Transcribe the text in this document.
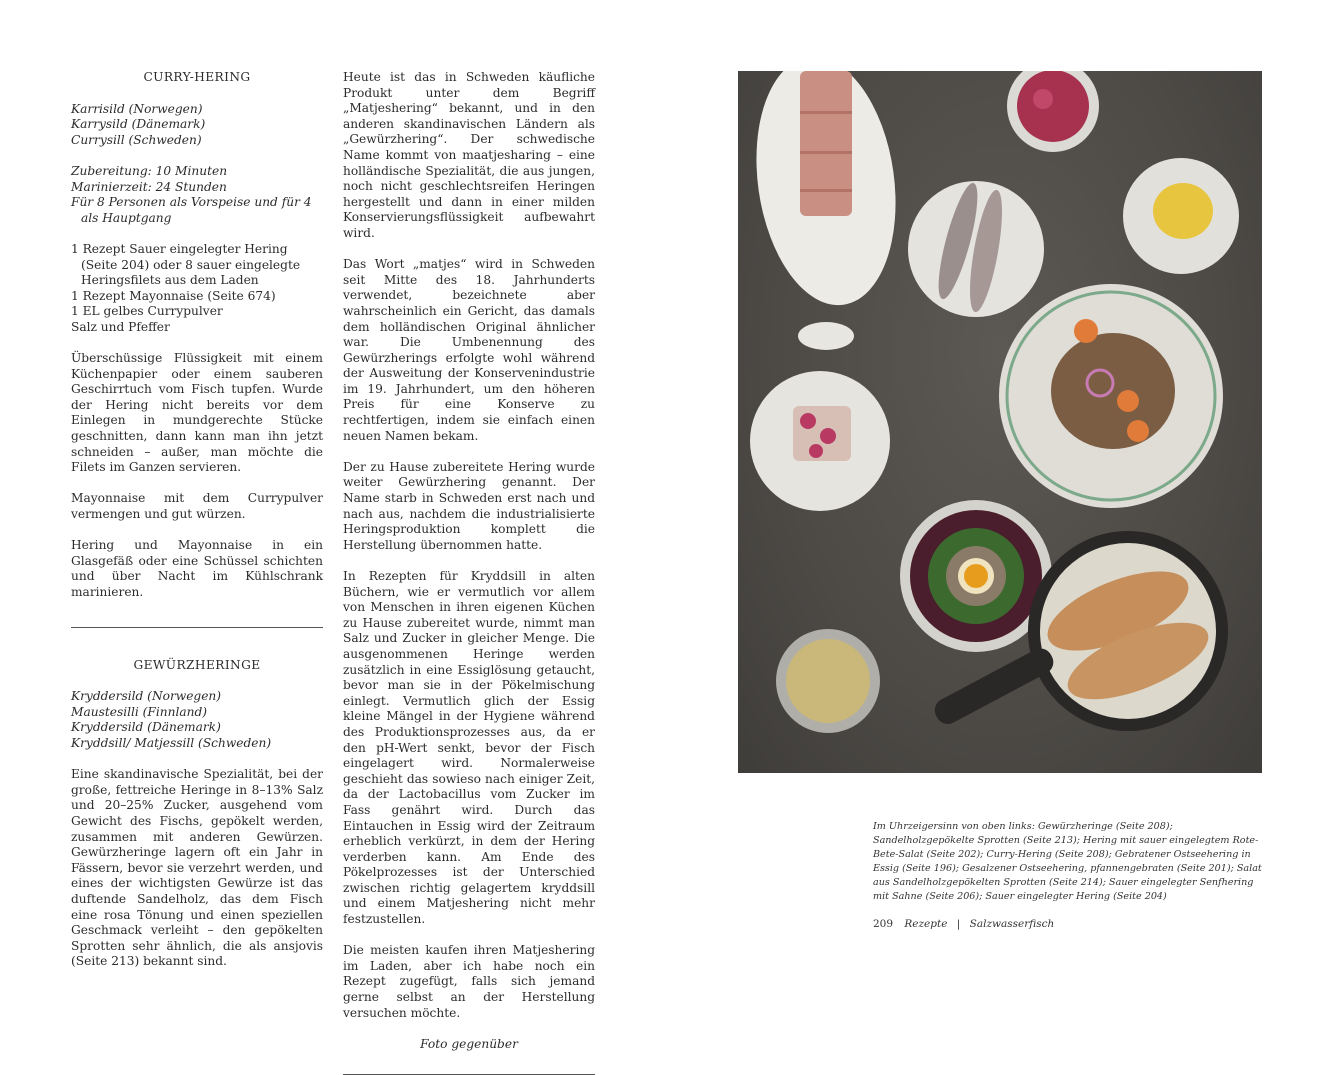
CURRY-HERING

Karrisild (Norwegen)
Karrysild (Dänemark)
Currysill (Schweden)

Zubereitung: 10 Minuten
Marinierzeit: 24 Stunden

Für 8 Personen als Vorspeise und für 4 als Hauptgang

1 Rezept Sauer eingelegter Hering (Seite 204) oder 8 sauer eingelegte Heringsfilets aus dem Laden
1 Rezept Mayonnaise (Seite 674)
1 EL gelbes Currypulver
Salz und Pfeffer

Überschüssige Flüssigkeit mit einem Küchenpapier oder einem sauberen Geschirrtuch vom Fisch tupfen. Wurde der Hering nicht bereits vor dem Einlegen in mundgerechte Stücke geschnitten, dann kann man ihn jetzt schneiden – außer, man möchte die Filets im Ganzen servieren.

Mayonnaise mit dem Currypulver vermengen und gut würzen.

Hering und Mayonnaise in ein Glasgefäß oder eine Schüssel schichten und über Nacht im Kühlschrank marinieren.

GEWÜRZHERINGE

Kryddersild (Norwegen)
Maustesilli (Finnland)
Kryddersild (Dänemark)
Kryddsill/ Matjessill (Schweden)

Eine skandinavische Spezialität, bei der große, fettreiche Heringe in 8–13% Salz und 20–25% Zucker, ausgehend vom Gewicht des Fischs, gepökelt werden, zusammen mit anderen Gewürzen. Gewürzheringe lagern oft ein Jahr in Fässern, bevor sie verzehrt werden, und eines der wichtigsten Gewürze ist das duftende Sandelholz, das dem Fisch eine rosa Tönung und einen speziellen Geschmack verleiht – den gepökelten Sprotten sehr ähnlich, die als ansjovis (Seite 213) bekannt sind.

Heute ist das in Schweden käufliche Produkt unter dem Begriff „Matjeshering“ bekannt, und in den anderen skandinavischen Ländern als „Gewürzhering“. Der schwedische Name kommt von maatjesharing – eine holländische Spezialität, die aus jungen, noch nicht geschlechtsreifen Heringen hergestellt und dann in einer milden Konservierungsflüssigkeit aufbewahrt wird.

Das Wort „matjes“ wird in Schweden seit Mitte des 18. Jahrhunderts verwendet, bezeichnete aber wahrscheinlich ein Gericht, das damals dem holländischen Original ähnlicher war. Die Umbenennung des Gewürzherings erfolgte wohl während der Ausweitung der Konservenindustrie im 19. Jahrhundert, um den höheren Preis für eine Konserve zu rechtfertigen, indem sie einfach einen neuen Namen bekam.

Der zu Hause zubereitete Hering wurde weiter Gewürzhering genannt. Der Name starb in Schweden erst nach und nach aus, nachdem die industrialisierte Heringsproduktion komplett die Herstellung übernommen hatte.

In Rezepten für Kryddsill in alten Büchern, wie er vermutlich vor allem von Menschen in ihren eigenen Küchen zu Hause zubereitet wurde, nimmt man Salz und Zucker in gleicher Menge. Die ausgenommenen Heringe werden zusätzlich in eine Essiglösung getaucht, bevor man sie in der Pökelmischung einlegt. Vermutlich glich der Essig kleine Mängel in der Hygiene während des Produktionsprozesses aus, da er den pH-Wert senkt, bevor der Fisch eingelagert wird. Normalerweise geschieht das sowieso nach einiger Zeit, da der Lactobacillus vom Zucker im Fass genährt wird. Durch das Eintauchen in Essig wird der Zeitraum erheblich verkürzt, in dem der Hering verderben kann. Am Ende des Pökelprozesses ist der Unterschied zwischen richtig gelagertem kryddsill und einem Matjeshering nicht mehr festzustellen.

Die meisten kaufen ihren Matjeshering im Laden, aber ich habe noch ein Rezept zugefügt, falls sich jemand gerne selbst an der Herstellung versuchen möchte.

Foto gegenüber

Im Uhrzeigersinn von oben links: Gewürzheringe (Seite 208); Sandelholzgepökelte Sprotten (Seite 213); Hering mit sauer eingelegtem Rote-Bete-Salat (Seite 202); Curry-Hering (Seite 208); Gebratener Ostseehering in Essig (Seite 196); Gesalzener Ostseehering, pfannengebraten (Seite 201); Salat aus Sandelholzgepökelten Sprotten (Seite 214); Sauer eingelegter Senfhering mit Sahne (Seite 206); Sauer eingelegter Hering (Seite 204)
209 Rezepte | Salzwasserfisch
